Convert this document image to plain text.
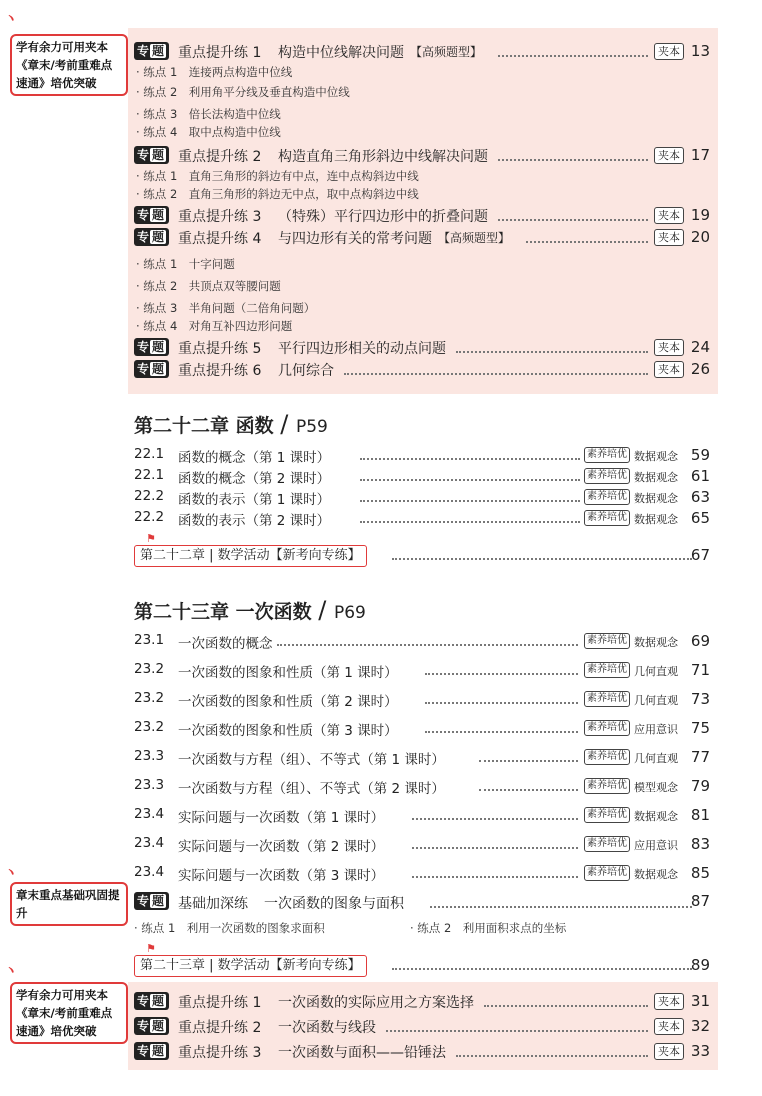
ヽ
学有余力可用夹本《章末/考前重难点速通》培优突破
ヽ
章末重点基础巩固提升
ヽ
学有余力可用夹本《章末/考前重难点速通》培优突破
专 题 重点提升练 1 构造中位线解决问题 【高频题型】	夹本 13
· 练点 1　连接两点构造中位线
· 练点 2　利用角平分线及垂直构造中位线
· 练点 3　倍长法构造中位线
· 练点 4　取中点构造中位线
专 题 重点提升练 2 构造直角三角形斜边中线解决问题	夹本 17
· 练点 1　直角三角形的斜边有中点，连中点构斜边中线
· 练点 2　直角三角形的斜边无中点，取中点构斜边中线
专 题 重点提升练 3 （特殊）平行四边形中的折叠问题	夹本 19
专 题 重点提升练 4 与四边形有关的常考问题 【高频题型】	夹本 20
· 练点 1　十字问题
· 练点 2　共顶点双等腰问题
· 练点 3　半角问题（二倍角问题）
· 练点 4　对角互补四边形问题
专 题 重点提升练 5 平行四边形相关的动点问题	夹本 24
专 题 重点提升练 6 几何综合	夹本 26
第二十二章 函数 / P59
22.1 函数的概念（第 1 课时）	素养培优 数据观念 59
22.1 函数的概念（第 2 课时）	素养培优 数据观念 61
22.2 函数的表示（第 1 课时）	素养培优 数据观念 63
22.2 函数的表示（第 2 课时）	素养培优 数据观念 65
⚑
第二十二章 | 数学活动【新考向专练】	67
第二十三章 一次函数 / P69
23.1 一次函数的概念	素养培优 数据观念 69
23.2 一次函数的图象和性质（第 1 课时）	素养培优 几何直观 71
23.2 一次函数的图象和性质（第 2 课时）	素养培优 几何直观 73
23.2 一次函数的图象和性质（第 3 课时）	素养培优 应用意识 75
23.3 一次函数与方程（组）、不等式（第 1 课时）	素养培优 几何直观 77
23.3 一次函数与方程（组）、不等式（第 2 课时）	素养培优 模型观念 79
23.4 实际问题与一次函数（第 1 课时）	素养培优 数据观念 81
23.4 实际问题与一次函数（第 2 课时）	素养培优 应用意识 83
23.4 实际问题与一次函数（第 3 课时）	素养培优 数据观念 85
专 题 基础加深练 一次函数的图象与面积	87
· 练点 1　利用一次函数的图象求面积	· 练点 2　利用面积求点的坐标
⚑
第二十三章 | 数学活动【新考向专练】	89
专 题 重点提升练 1 一次函数的实际应用之方案选择	夹本 31
专 题 重点提升练 2 一次函数与线段	夹本 32
专 题 重点提升练 3 一次函数与面积——铅锤法	夹本 33
